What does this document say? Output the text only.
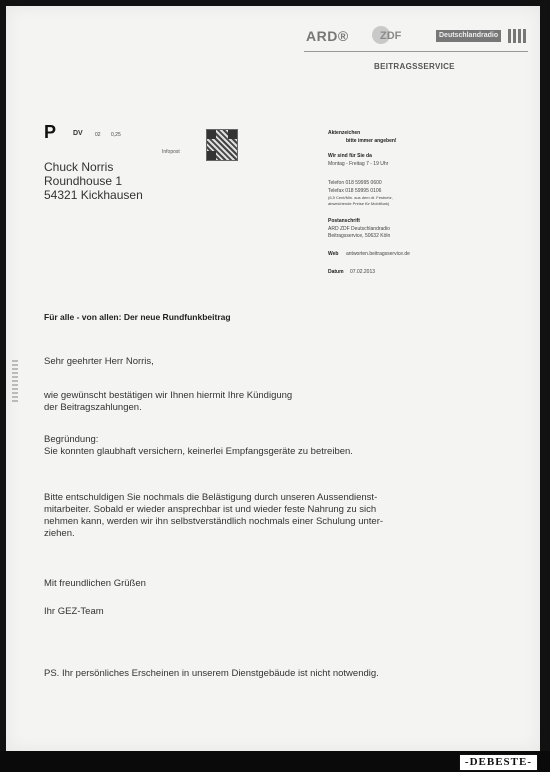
ARD®	ZDF	Deutschlandradio
BEITRAGSSERVICE
P DV 02 0,25
Infopost
Chuck Norris
Roundhouse 1
54321 Kickhausen
Aktenzeichen
bitte immer angeben!
Wir sind für Sie da
Montag - Freitag 7 - 19 Uhr
Telefon 018 59995 0600
Telefax 018 59995 0106
(6,5 Cent/Min. aus dem dt. Festnetz,
abweichende Preise für Mobilfunk)
Postanschrift
ARD ZDF Deutschlandradio
Beitragsservice, 50632 Köln
Web antworten.beitragsservice.de
Datum 07.02.2013
Für alle - von allen: Der neue Rundfunkbeitrag
Sehr geehrter Herr Norris,
wie gewünscht bestätigen wir Ihnen hiermit Ihre Kündigung
der Beitragszahlungen.
Begründung:
Sie konnten glaubhaft versichern, keinerlei Empfangsgeräte zu betreiben.
Bitte entschuldigen Sie nochmals die Belästigung durch unseren Aussendienst-
mitarbeiter. Sobald er wieder ansprechbar ist und wieder feste Nahrung zu sich
nehmen kann, werden wir ihn selbstverständlich nochmals einer Schulung unter-
ziehen.
Mit freundlichen Grüßen
Ihr GEZ-Team
PS. Ihr persönliches Erscheinen in unserem Dienstgebäude ist nicht notwendig.
-DEBESTE-
